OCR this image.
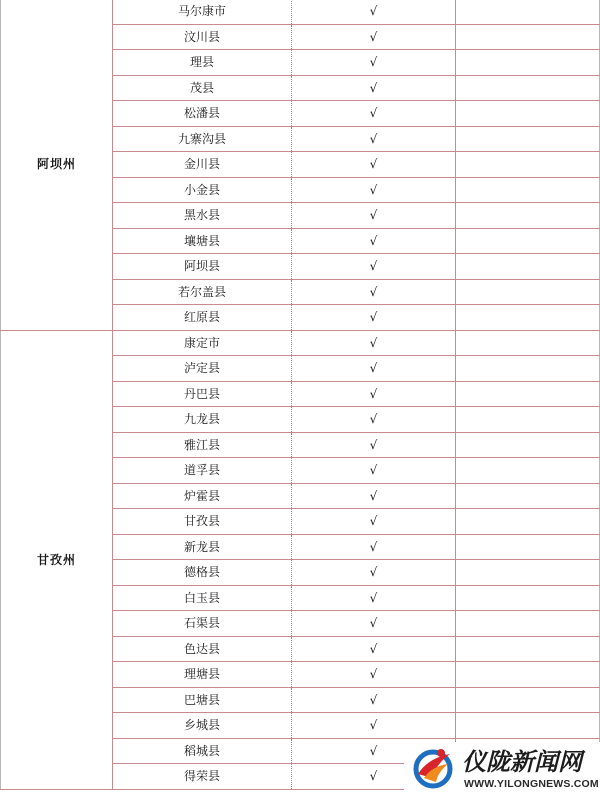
阿坝州	马尔康市	√	
	汶川县	√	
	理县	√	
	茂县	√	
	松潘县	√	
	九寨沟县	√	
	金川县	√	
	小金县	√	
	黑水县	√	
	壤塘县	√	
	阿坝县	√	
	若尔盖县	√	
	红原县	√	
甘孜州	康定市	√	
	泸定县	√	
	丹巴县	√	
	九龙县	√	
	雅江县	√	
	道孚县	√	
	炉霍县	√	
	甘孜县	√	
	新龙县	√	
	德格县	√	
	白玉县	√	
	石渠县	√	
	色达县	√	
	理塘县	√	
	巴塘县	√	
	乡城县	√	
	稻城县	√	
	得荣县	√	
仪陇新闻网
WWW.YILONGNEWS.COM
